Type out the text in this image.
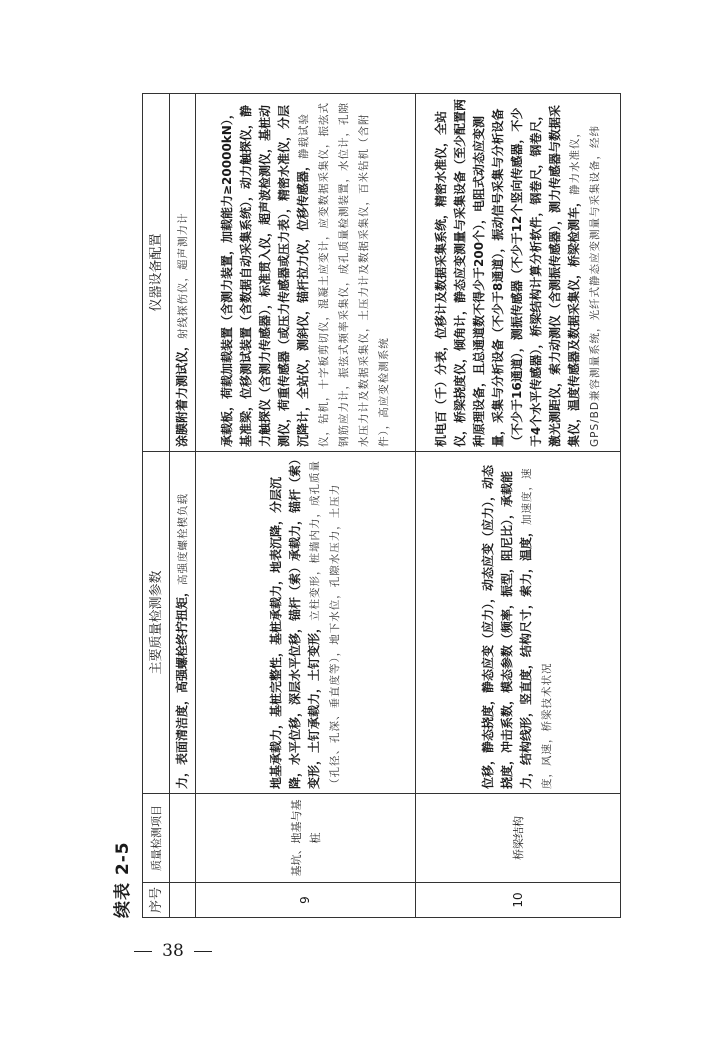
38
续表 2-5	序号	质量检测项目	主要质量检测参数	仪器设备配置
		力，表面清洁度，高强螺栓终拧扭矩，高强度螺栓楔负载	涂膜附着力测试仪，射线探伤仪，超声测力计
9	基坑、地基与基桩	地基承载力，基桩完整性，基桩承载力，地表沉降，分层沉降，水平位移，深层水平位移，锚杆（索）承载力，锚杆（索）变形，土钉承载力，土钉变形，立柱变形，桩墙内力，成孔质量（孔径、孔深、垂直度等），地下水位，孔隙水压力，土压力	承载板，荷载加载装置（含测力装置，加载能力≥20000kN），基准梁，位移测试装置（含数据自动采集系统），动力触探仪，静力触探仪（含测力传感器），标准贯入仪，超声波检测仪，基桩动测仪，荷重传感器（或压力传感器或压力表），精密水准仪，分层沉降计，全站仪，测斜仪，锚杆拉力仪，位移传感器，静载试验仪，钻机，十字板剪切仪，混凝土应变计，应变数据采集仪，振弦式钢筋应力计，振弦式频率采集仪，成孔质量检测装置，水位计，孔隙水压力计及数据采集仪，土压力计及数据采集仪，百米钻机（含附件），高应变检测系统
10	桥梁结构	位移，静态挠度，静态应变（应力），动态应变（应力），动态挠度，冲击系数，模态参数（频率，振型，阻尼比），承载能力，结构线形，竖直度，结构尺寸，索力，温度，加速度，速度，风速，桥梁技术状况	机电百（千）分表，位移计及数据采集系统，精密水准仪，全站仪，桥梁挠度仪，倾角计，静态应变测量与采集设备（至少配置两种原理设备，且总通道数不得少于200个），电阻式动态应变测量，采集与分析设备（不少于8通道），振动信号采集与分析设备（不少于16通道），测振传感器（不少于12个竖向传感器，不少于4个水平传感器），桥梁结构计算分析软件，钢卷尺，钢卷尺，激光测距仪，索力动测仪（含测振传感器），测力传感器与数据采集仪，温度传感器及数据采集仪，桥梁检测车，静力水准仪，GPS/BD兼容测量系统，光纤式静态应变测量与采集设备，经纬
